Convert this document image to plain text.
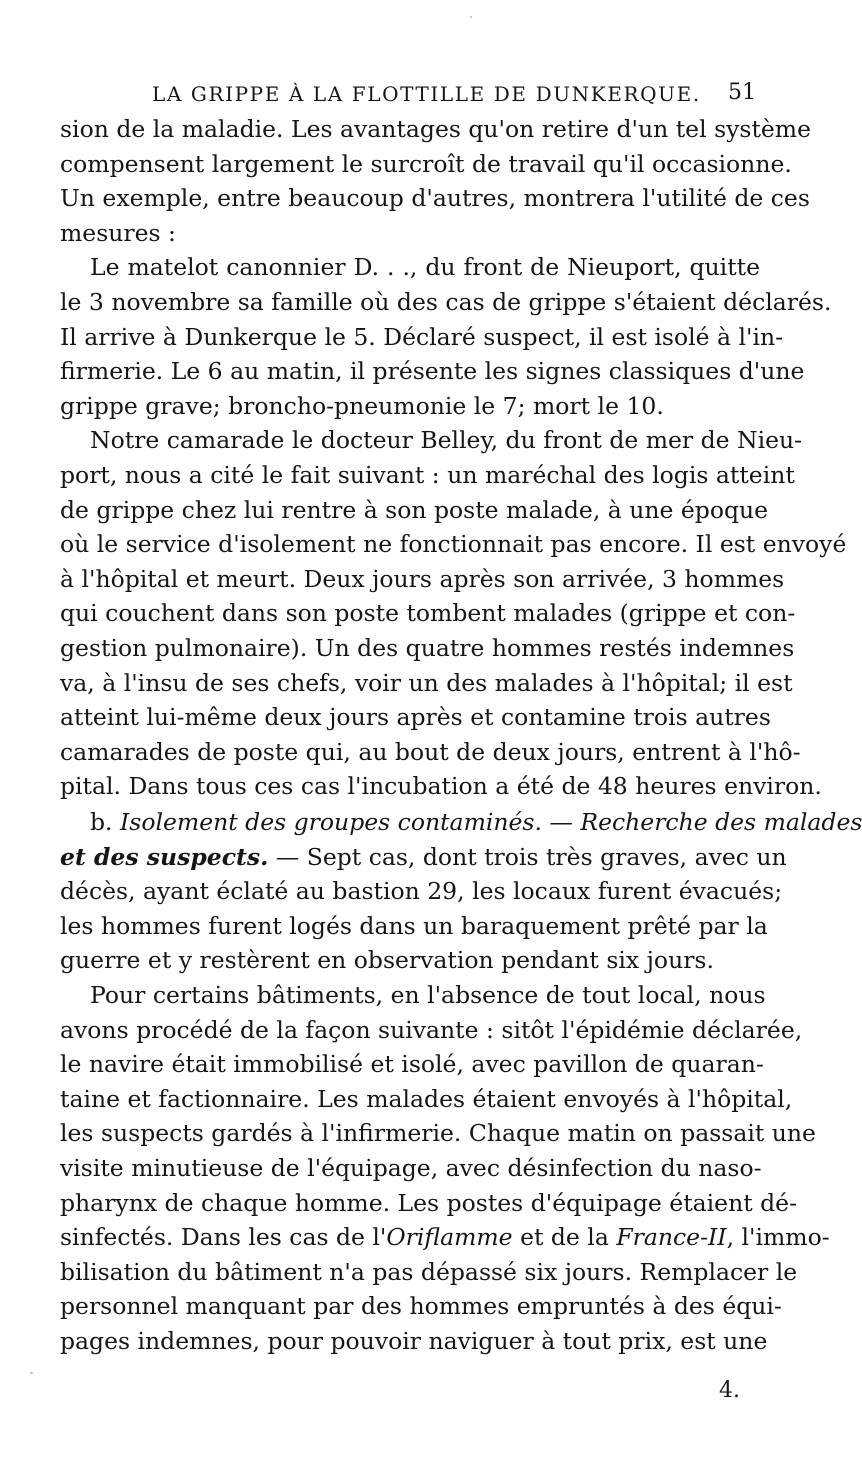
LA GRIPPE À LA FLOTTILLE DE DUNKERQUE. 51
sion de la maladie. Les avantages qu'on retire d'un tel système
compensent largement le surcroît de travail qu'il occasionne.
Un exemple, entre beaucoup d'autres, montrera l'utilité de ces
mesures :
Le matelot canonnier D. . ., du front de Nieuport, quitte
le 3 novembre sa famille où des cas de grippe s'étaient déclarés.
Il arrive à Dunkerque le 5. Déclaré suspect, il est isolé à l'in-
firmerie. Le 6 au matin, il présente les signes classiques d'une
grippe grave; broncho-pneumonie le 7; mort le 10.
Notre camarade le docteur Belley, du front de mer de Nieu-
port, nous a cité le fait suivant : un maréchal des logis atteint
de grippe chez lui rentre à son poste malade, à une époque
où le service d'isolement ne fonctionnait pas encore. Il est envoyé
à l'hôpital et meurt. Deux jours après son arrivée, 3 hommes
qui couchent dans son poste tombent malades (grippe et con-
gestion pulmonaire). Un des quatre hommes restés indemnes
va, à l'insu de ses chefs, voir un des malades à l'hôpital; il est
atteint lui-même deux jours après et contamine trois autres
camarades de poste qui, au bout de deux jours, entrent à l'hô-
pital. Dans tous ces cas l'incubation a été de 48 heures environ.
b. Isolement des groupes contaminés. — Recherche des malades
et des suspects. — Sept cas, dont trois très graves, avec un
décès, ayant éclaté au bastion 29, les locaux furent évacués;
les hommes furent logés dans un baraquement prêté par la
guerre et y restèrent en observation pendant six jours.
Pour certains bâtiments, en l'absence de tout local, nous
avons procédé de la façon suivante : sitôt l'épidémie déclarée,
le navire était immobilisé et isolé, avec pavillon de quaran-
taine et factionnaire. Les malades étaient envoyés à l'hôpital,
les suspects gardés à l'infirmerie. Chaque matin on passait une
visite minutieuse de l'équipage, avec désinfection du naso-
pharynx de chaque homme. Les postes d'équipage étaient dé-
sinfectés. Dans les cas de l'Oriflamme et de la France-II, l'immo-
bilisation du bâtiment n'a pas dépassé six jours. Remplacer le
personnel manquant par des hommes empruntés à des équi-
pages indemnes, pour pouvoir naviguer à tout prix, est une
4.
